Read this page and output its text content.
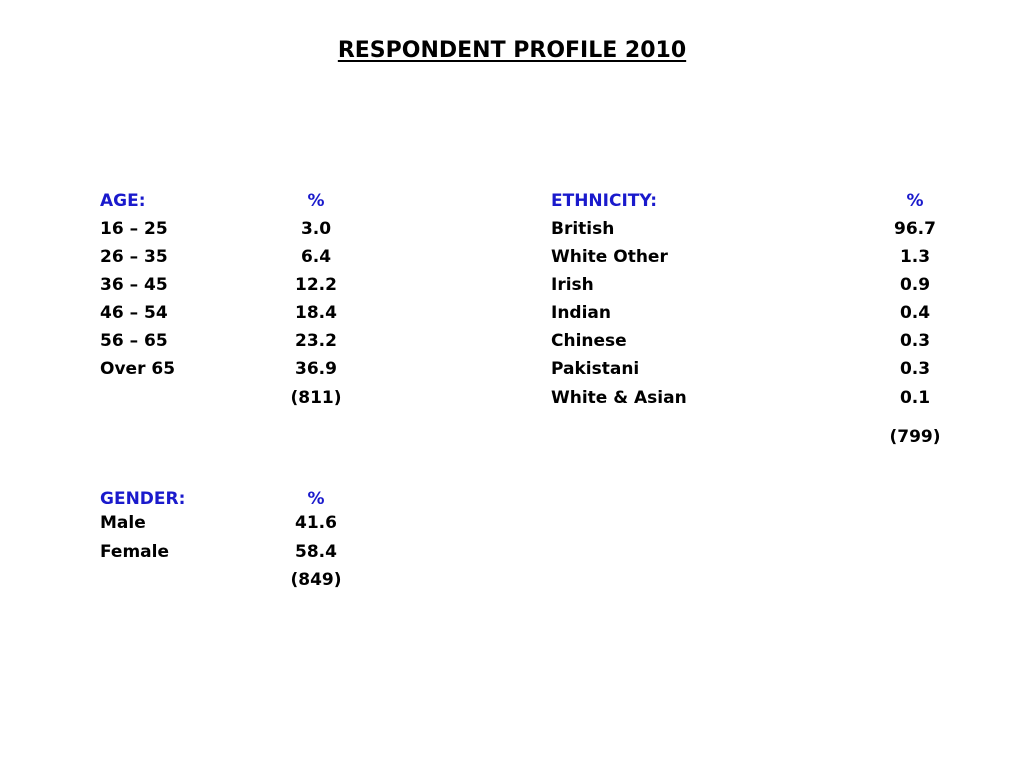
RESPONDENT PROFILE 2010
AGE:	%
16 – 25	3.0
26 – 35	6.4
36 – 45	12.2
46 – 54	18.4
56 – 65	23.2
Over 65	36.9
(811)
ETHNICITY:	%
British	96.7
White Other	1.3
Irish	0.9
Indian	0.4
Chinese	0.3
Pakistani	0.3
White & Asian	0.1
(799)
GENDER:	%
Male	41.6
Female	58.4
(849)
